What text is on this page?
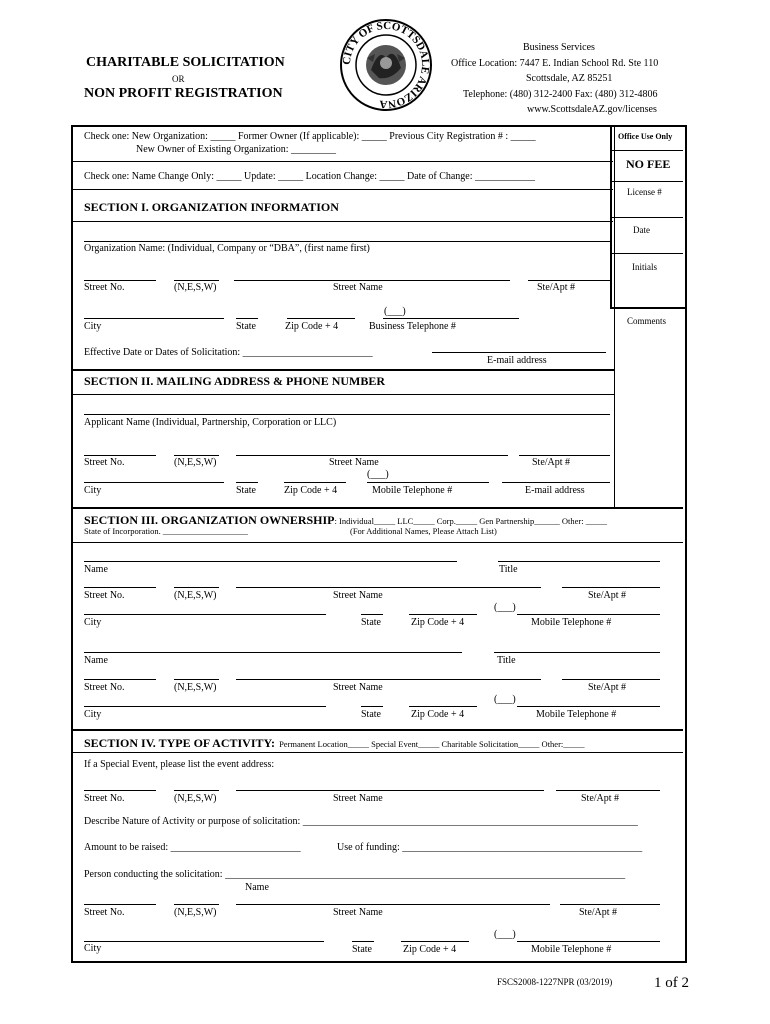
CHARITABLE SOLICITATION
OR
NON PROFIT REGISTRATION
CITY OF SCOTTSDALE ARIZONA
Business Services
Office Location: 7447 E. Indian School Rd. Ste 110
Scottsdale, AZ 85251
Telephone: (480) 312-2400 Fax: (480) 312-4806
www.ScottsdaleAZ.gov/licenses
Office Use Only
NO FEE
License #
Date
Initials
Comments
Check one: New Organization: _____ Former Owner (If applicable): _____ Previous City Registration # : _____
New Owner of Existing Organization: _________
Check one: Name Change Only: _____ Update: _____ Location Change: _____ Date of Change: ____________
SECTION I. ORGANIZATION INFORMATION
Organization Name: (Individual, Company or “DBA”, (first name first)
Street No.	(N,E,S,W)	Street Name	Ste/Apt #
(___)
City	State	Zip Code + 4	Business Telephone #
Effective Date or Dates of Solicitation: __________________________
E-mail address
SECTION II. MAILING ADDRESS & PHONE NUMBER
Applicant Name (Individual, Partnership, Corporation or LLC)
Street No.	(N,E,S,W)	Street Name	Ste/Apt #
(___)
City	State	Zip Code + 4	Mobile Telephone #	E-mail address
SECTION III. ORGANIZATION OWNERSHIP: Individual_____ LLC_____ Corp._____ Gen Partnership______ Other: _____
State of Incorporation. ____________________	(For Additional Names, Please Attach List)
Name	Title
Street No.	(N,E,S,W)	Street Name	Ste/Apt #
(___)
City	State	Zip Code + 4	Mobile Telephone #
Name	Title
Street No.	(N,E,S,W)	Street Name	Ste/Apt #
(___)
City	State	Zip Code + 4	Mobile Telephone #
SECTION IV. TYPE OF ACTIVITY: Permanent Location_____ Special Event_____ Charitable Solicitation_____ Other:_____
If a Special Event, please list the event address:
Street No.	(N,E,S,W)	Street Name	Ste/Apt #
Describe Nature of Activity or purpose of solicitation: ___________________________________________________________________
Amount to be raised: __________________________	Use of funding: ________________________________________________
Person conducting the solicitation: ________________________________________________________________________________
Name
Street No.	(N,E,S,W)	Street Name	Ste/Apt #
(___)
City	State	Zip Code + 4	Mobile Telephone #
FSCS2008-1227NPR (03/2019)	1 of 2
